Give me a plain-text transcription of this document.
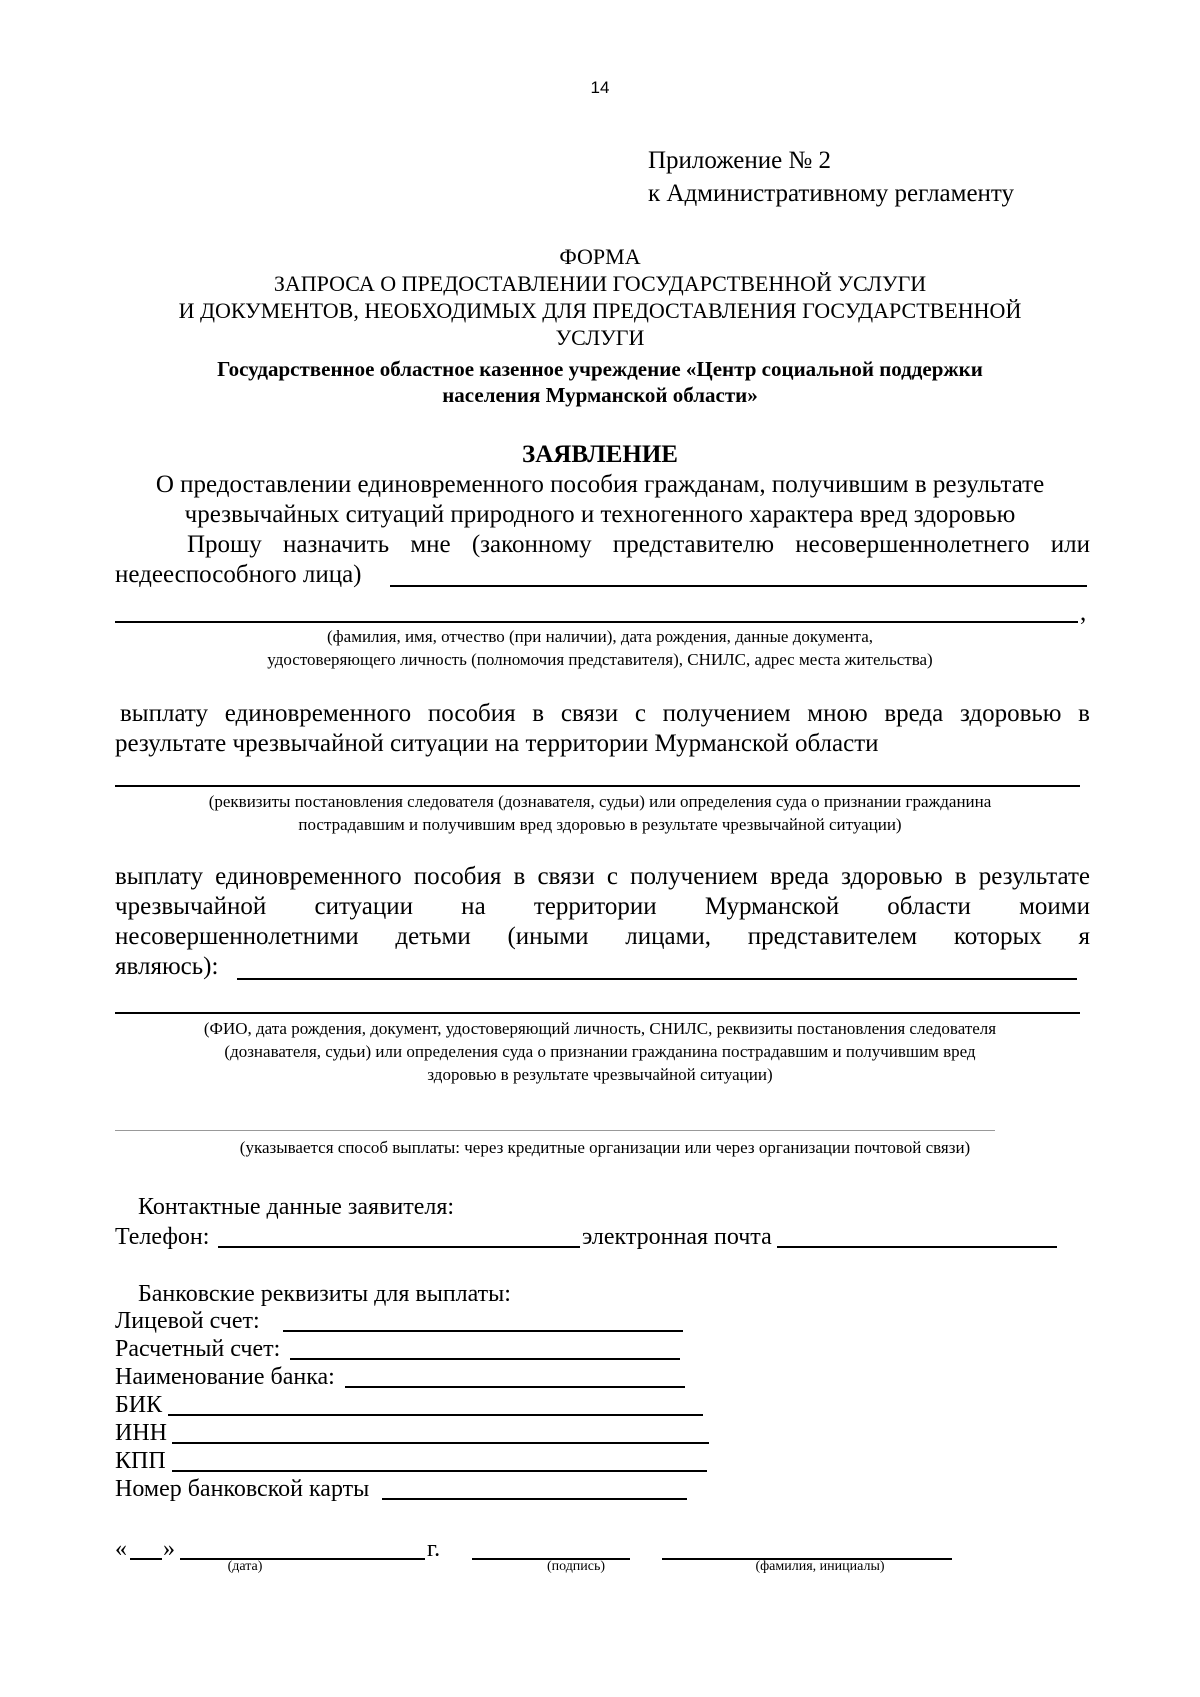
14
Приложение № 2
к Административному регламенту
ФОРМА
ЗАПРОСА О ПРЕДОСТАВЛЕНИИ ГОСУДАРСТВЕННОЙ УСЛУГИ
И ДОКУМЕНТОВ, НЕОБХОДИМЫХ ДЛЯ ПРЕДОСТАВЛЕНИЯ ГОСУДАРСТВЕННОЙ
УСЛУГИ
Государственное областное казенное учреждение «Центр социальной поддержки
населения Мурманской области»
ЗАЯВЛЕНИЕ
О предоставлении единовременного пособия гражданам, получившим в результате
чрезвычайных ситуаций природного и техногенного характера вред здоровью
Прошу назначить мне (законному представителю несовершеннолетнего или
недееспособного лица)
,
(фамилия, имя, отчество (при наличии), дата рождения, данные документа,
удостоверяющего личность (полномочия представителя), СНИЛС, адрес места жительства)
выплату единовременного пособия в связи с получением мною вреда здоровью в
результате чрезвычайной ситуации на территории Мурманской области
(реквизиты постановления следователя (дознавателя, судьи) или определения суда о признании гражданина
пострадавшим и получившим вред здоровью в результате чрезвычайной ситуации)
выплату единовременного пособия в связи с получением вреда здоровью в результате
чрезвычайной ситуации на территории Мурманской области моими
несовершеннолетними детьми (иными лицами, представителем которых я
являюсь):
(ФИО, дата рождения, документ, удостоверяющий личность, СНИЛС, реквизиты постановления следователя
(дознавателя, судьи) или определения суда о признании гражданина пострадавшим и получившим вред
здоровью в результате чрезвычайной ситуации)
(указывается способ выплаты: через кредитные организации или через организации почтовой связи)
Контактные данные заявителя:
Телефон:	электронная почта
Банковские реквизиты для выплаты:
Лицевой счет:
Расчетный счет:
Наименование банка:
БИК
ИНН
КПП
Номер банковской карты
« »	г.
(дата)	(подпись)	(фамилия, инициалы)
